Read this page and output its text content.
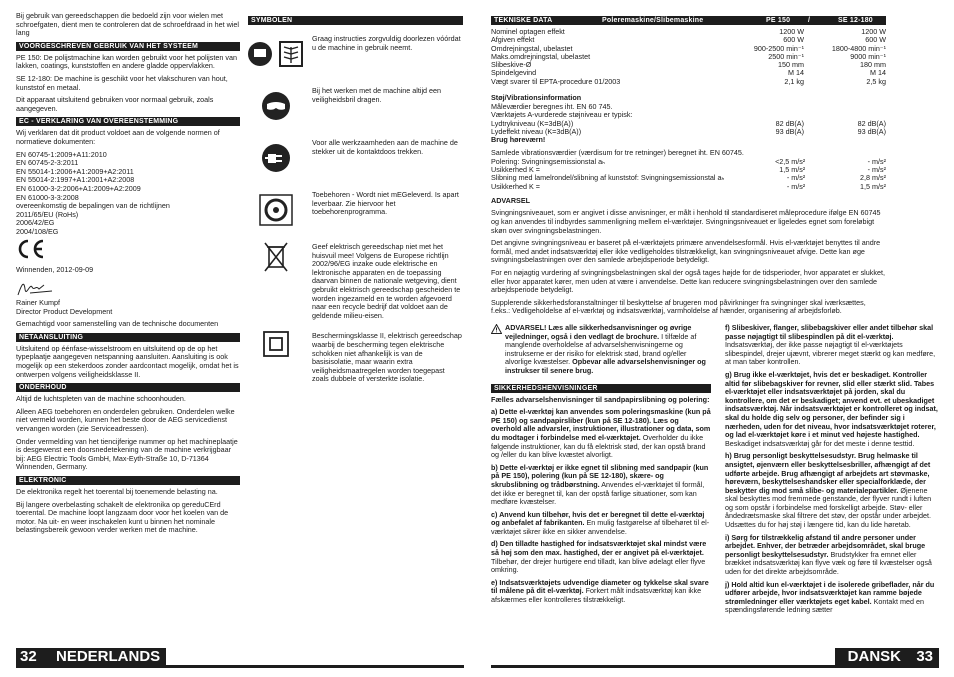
Bij gebruik van gereedschappen die bedoeld zijn voor wielen met schroefgaten, dient men te controleren dat de schroefdraad in het wiel lang

VOORGESCHREVEN GEBRUIK VAN HET SYSTEEM

PE 150: De polijstmachine kan worden gebruikt voor het polijsten van lakken, coatings, kunststoffen en andere gladde oppervlakken.

SE 12-180: De machine is geschikt voor het vlakschuren van hout, kunststof en metaal.

Dit apparaat uitsluitend gebruiken voor normaal gebruik, zoals aangegeven.

EC - VERKLARING VAN OVEREENSTEMMING

Wij verklaren dat dit product voldoet aan de volgende normen of normatieve dokumenten:

EN 60745-1:2009+A11:2010
EN 60745-2-3:2011
EN 55014-1:2006+A1:2009+A2:2011
EN 55014-2:1997+A1:2001+A2:2008
EN 61000-3-2:2006+A1:2009+A2:2009
EN 61000-3-3:2008
overeenkomstig de bepalingen van de richtlijnen
2011/65/EU (RoHs)
2006/42/EG
2004/108/EG

Winnenden, 2012-09-09

Rainer Kumpf

Director Product Development

Gemachtigd voor samenstelling van de technische documenten

NETAANSLUITING

Uitsluitend op éénfase-wisselstroom en uitsluitend op de op het typeplaatje aangegeven netspanning aansluiten. Aansluiting is ook mogelijk op een stekerdoos zonder aardcontact mogelijk, omdat het is ontwerpen volgens veiligheidsklasse II.

ONDERHOUD

Altijd de luchtspleten van de machine schoonhouden.

Alleen AEG toebehoren en onderdelen gebruiken. Onderdelen welke niet vermeld worden, kunnen het beste door de AEG servicedienst vervangen worden (zie Serviceadressen).

Onder vermelding van het tiencijferige nummer op het machineplaatje is desgewenst een doorsnedetekening van de machine verkrijgbaar bij: AEG Electric Tools GmbH, Max-Eyth-Straße 10, D-71364 Winnenden, Germany.

ELEKTRONIC

De elektronika regelt het toerental bij toenemende belasting na.

Bij langere overbelasting schakelt de elektronika op gereduCErd toerental. De machine loopt langzaam door voor het koelen van de motor. Na uit- en weer inschakelen kunt u binnen het nominale belastingsbereik gewoon verder werken met de machine.

SYMBOLEN
Graag instructies zorgvuldig doorlezen vóórdat u de machine in gebruik neemt.
Bij het werken met de machine altijd een veiligheidsbril dragen.
Voor alle werkzaamheden aan de machine de stekker uit de kontaktdoos trekken.
Toebehoren - Wordt niet mEGeleverd. Is apart leverbaar. Zie hiervoor het toebehorenprogramma.
Geef elektrisch gereedschap niet met het huisvuil mee! Volgens de Europese richtlijn 2002/96/EG inzake oude elektrische en lektronische apparaten en de toepassing daarvan binnen de nationale wetgeving, dient gebruikt elektrisch gereedschap gescheiden te worden ingezameld en te worden afgevoerd naar een recycle bedrijf dat voldoet aan de geldende milieu-eisen.
Beschermingsklasse II, elektrisch gereedschap waarbij de bescherming tegen elektrische schokken niet afhankelijk is van de basisisolatie, maar waarin extra veiligheidsmaatregelen worden toegepast zoals dubbele of versterkte isolatie.
TEKNISKE DATA	Poleremaskine/Slibemaskine	PE 150	/	SE 12-180
Nominel optagen effekt	1200 W	1200 W
Afgiven effekt	600 W	600 W
Omdrejningstal, ubelastet	900-2500 min⁻¹	1800-4800 min⁻¹
Maks.omdrejningstal, ubelastet	2500 min⁻¹	9000 min⁻¹
Slibeskive-Ø	150 mm	180 mm
Spindelgevind	M 14	M 14
Vægt svarer til EPTA-procedure 01/2003	2,1 kg	2,5 kg

Støj/Vibrationsinformation

Måleværdier beregnes iht. EN 60 745.

Værktøjets A-vurderede støjniveau er typisk:

Lydtrykniveau (K=3dB(A))	82 dB(A)	82 dB(A)
Lydeffekt niveau (K=3dB(A))	93 dB(A)	93 dB(A)

Brug høreværn!

Samlede vibrationsværdier (værdisum for tre retninger) beregnet iht. EN 60745.

Polering: Svingningsemissionstal aₕ	<2,5 m/s²	- m/s²
Usikkerhed K =	1,5 m/s²	- m/s²
Slibning med lamelrondel/slibning af kunststof: Svingningsemissionstal aₕ	- m/s²	2,8 m/s²
Usikkerhed K =	- m/s²	1,5 m/s²

ADVARSEL

Svingningsniveauet, som er angivet i disse anvisninger, er målt i henhold til standardiseret måleprocedure ifølge EN 60745 og kan anvendes til indbyrdes sammenligning mellem el-værktøjer. Svingningsniveauet er ligeledes egnet som foreløbigt skøn over svingningsbelastningen.

Det angivne svingningsniveau er baseret på el-værktøjets primære anvendelsesformål. Hvis el-værktøjet benyttes til andre formål, med andet indsatsværktøj eller ikke vedligeholdes tilstrækkeligt, kan svingningsniveauet afvige. Dette kan øge svingningsbelastningen over den samlede arbejdsperiode betydeligt.

For en nøjagtig vurdering af svingningsbelastningen skal der også tages højde for de tidsperioder, hvor apparatet er slukket, eller hvor apparatet kører, men uden at være i anvendelse. Dette kan reducere svingningsbelastningen over den samlede arbejdsperiode betydeligt.

Supplerende sikkerhedsforanstaltninger til beskyttelse af brugeren mod påvirkninger fra svingninger skal iværksættes, f.eks.: Vedligeholdelse af el-værktøj og indsatsværktøj, varmholdelse af hænder, organisering af arbejdsforløb.

ADVARSEL! Læs alle sikkerhedsanvisninger og øvrige vejledninger, også i den vedlagt de brochure. I tilfælde af manglende overholdelse af advarselshenvisningerne og instrukserne er der risiko for elektrisk stød, brand og/eller alvorlige kvæstelser. Opbevar alle advarselshenvisninger og instrukser til senere brug.

SIKKERHEDSHENVISNINGER

Fælles advarselshenvisninger til sandpapirslibning og polering:

a) Dette el-værktøj kan anvendes som poleringsmaskine (kun på PE 150) og sandpapirsliber (kun på SE 12-180). Læs og overhold alle advarsler, instruktioner, illustrationer og data, som du modtager i forbindelse med el-værktøjet. Overholder du ikke følgende instruktioner, kan du få elektrisk stød, der kan opstå brand og /eller du kan blive kvæstet alvorligt.

b) Dette el-værktøj er ikke egnet til slibning med sandpapir (kun på PE 150), polering (kun på SE 12-180), skære- og skrubslibning og trådbørstning. Anvendes el-værktøjet til formål, det ikke er beregnet til, kan der opstå farlige situationer, som kan medføre kvæstelser.

c) Anvend kun tilbehør, hvis det er beregnet til dette el-værktøj og anbefalet af fabrikanten. En mulig fastgørelse af tilbehøret til el-værktøjet sikrer ikke en sikker anvendelse.

d) Den tilladte hastighed for indsatsværktøjet skal mindst være så høj som den max. hastighed, der er angivet på el-værktøjet. Tilbehør, der drejer hurtigere end tilladt, kan blive ødelagt eller flyve omkring.

e) Indsatsværktøjets udvendige diameter og tykkelse skal svare til målene på dit el-værktøj. Forkert målt indsatsværktøj kan ikke afskærmes eller kontrolleres tilstrækkeligt.

f) Slibeskiver, flanger, slibebagskiver eller andet tilbehør skal passe nøjagtigt til slibespindlen på dit el-værktøj. Indsatsværktøj, der ikke passe nøjagtigt til el-værktøjets slibespindel, drejer ujævnt, vibrerer meget stærkt og kan medføre, at man taber kontrollen.

g) Brug ikke el-værktøjet, hvis det er beskadiget. Kontroller altid før slibebagskiver for revner, slid eller stærkt slid. Tabes el-værktøjet eller indsatsværktøjet på jorden, skal du kontrollere, om det er beskadiget; anvend evt. et ubeskadiget indsatsværktøj. Når indsatsværktøjet er kontrolleret og indsat, skal du holde dig selv og personer, der befinder sig i nærheden, uden for det niveau, hvor indsatsværktøjet roterer, og lad el-værktøjet køre i et minut ved højeste hastighed. Beskadiget indsatsværktøj går for det meste i denne testtid.

h) Brug personligt beskyttelsesudstyr. Brug helmaske til ansigtet, øjenværn eller beskyttelsesbriller, afhængigt af det udførte arbejde. Brug afhængigt af arbejdets art støvmaske, høreværn, beskyttelseshandsker eller specialforklæde, der beskytter dig mod små slibe- og materialepartikler. Øjenene skal beskyttes mod fremmede genstande, der flyver rundt i luften og som opstår i forbindelse med forskelligt arbejde. Støv- eller åndedrætsmaske skal filtrere det støv, der opstår under arbejdet. Udsættes du for høj støj i længere tid, kan du lide høretab.

i) Sørg for tilstrækkelig afstand til andre personer under arbejdet. Enhver, der betræder arbejdsområdet, skal bruge personligt beskyttelsesudstyr. Brudstykker fra emnet eller brækket indsatsværktøj kan flyve væk og føre til kvæstelser også uden for det direkte arbejdsområde.

j) Hold altid kun el-værktøjet i de isolerede gribeflader, når du udfører arbejde, hvor indsatsværktøjet kan ramme bøjede strømledninger eller værktøjets eget kabel. Kontakt med en spændingsførende ledning sætter

32 NEDERLANDS	DANSK 33
